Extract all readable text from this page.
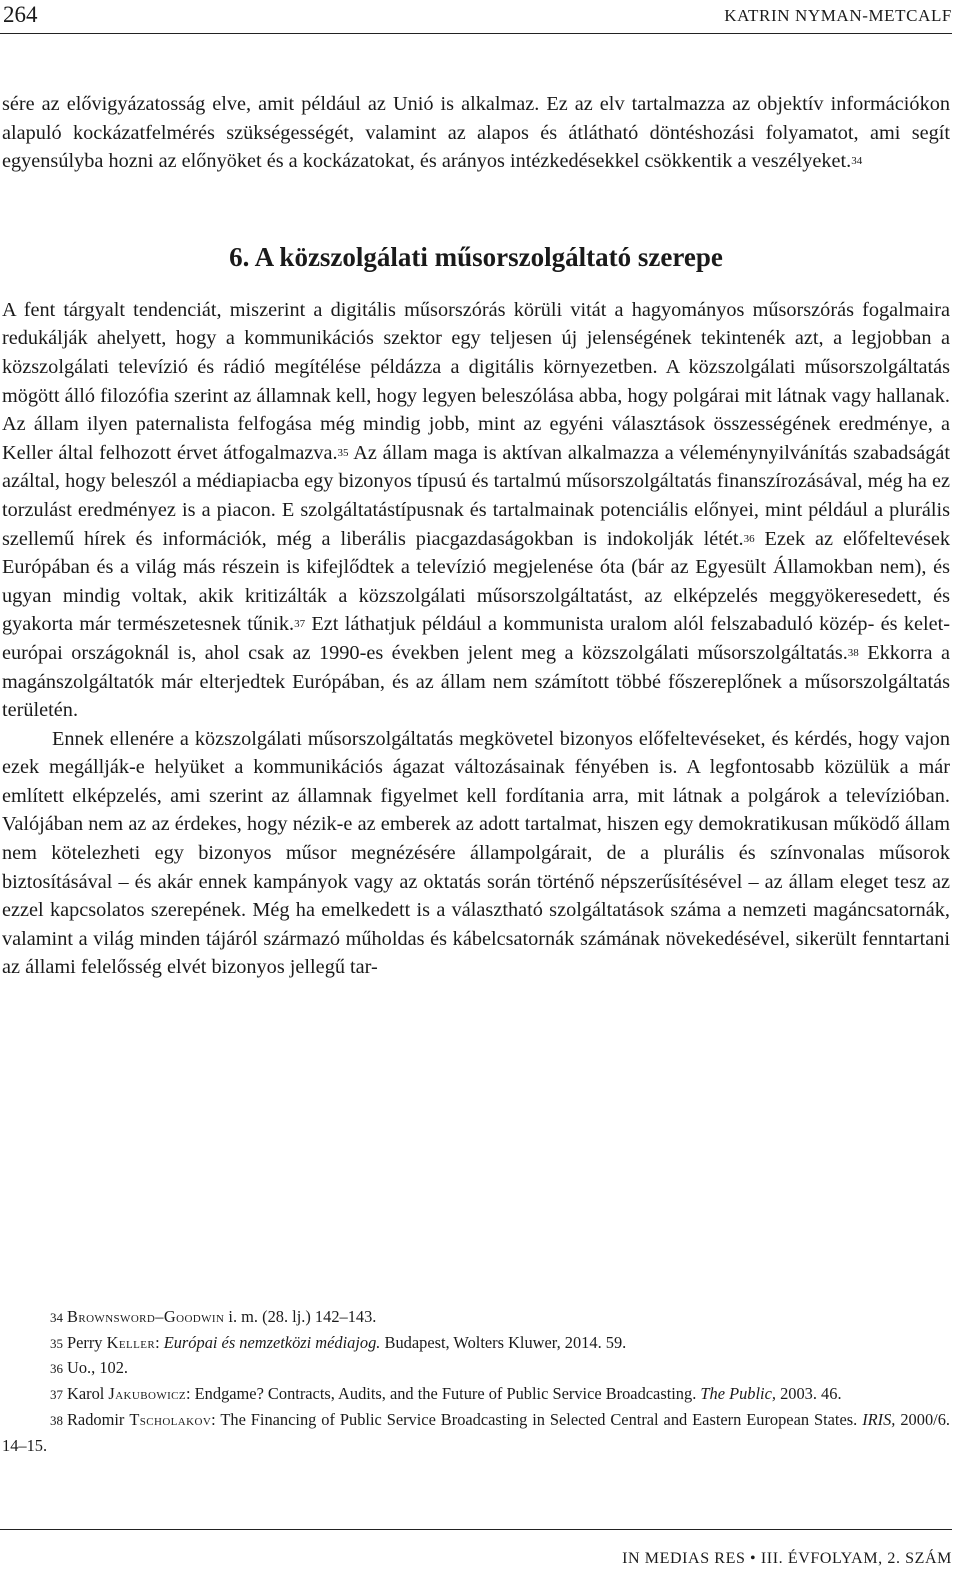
264	KATRIN NYMAN-METCALF

sére az elővigyázatosság elve, amit például az Unió is alkalmaz. Ez az elv tartalmazza az objektív információkon alapuló kockázatfelmérés szükségességét, valamint az alapos és átlátható döntéshozási folyamatot, ami segít egyensúlyba hozni az előnyöket és a kockázatokat, és arányos intézkedésekkel csökkentik a veszélyeket.$^{34}$

6. A közszolgálati műsorszolgáltató szerepe

A fent tárgyalt tendenciát, miszerint a digitális műsorszórás körüli vitát a hagyományos műsorszórás fogalmaira redukálják ahelyett, hogy a kommunikációs szektor egy teljesen új jelenségének tekintenék azt, a legjobban a közszolgálati televízió és rádió megítélése példázza a digitális környezetben. A közszolgálati műsorszolgáltatás mögött álló filozófia szerint az államnak kell, hogy legyen beleszólása abba, hogy polgárai mit látnak vagy hallanak. Az állam ilyen paternalista felfogása még mindig jobb, mint az egyéni választások összességének eredménye, a Keller által felhozott érvet átfogalmazva.$^{35}$ Az állam maga is aktívan alkalmazza a véleménynyilvánítás szabadságát azáltal, hogy beleszól a médiapiacba egy bizonyos típusú és tartalmú műsorszolgáltatás finanszírozásával, még ha ez torzulást eredményez is a piacon. E szolgáltatástípusnak és tartalmainak potenciális előnyei, mint például a plurális szellemű hírek és információk, még a liberális piacgazdaságokban is indokolják létét.$^{36}$ Ezek az előfeltevések Európában és a világ más részein is kifejlődtek a televízió megjelenése óta (bár az Egyesült Államokban nem), és ugyan mindig voltak, akik kritizálták a közszolgálati műsorszolgáltatást, az elképzelés meggyökeresedett, és gyakorta már természetesnek tűnik.$^{37}$ Ezt láthatjuk például a kommunista uralom alól felszabaduló közép- és kelet-európai országoknál is, ahol csak az 1990-es években jelent meg a közszolgálati műsorszolgáltatás.$^{38}$ Ekkorra a magánszolgáltatók már elterjedtek Európában, és az állam nem számított többé főszereplőnek a műsorszolgáltatás területén.

Ennek ellenére a közszolgálati műsorszolgáltatás megkövetel bizonyos előfeltevéseket, és kérdés, hogy vajon ezek megállják-e helyüket a kommunikációs ágazat változásainak fényében is. A legfontosabb közülük a már említett elképzelés, ami szerint az államnak figyelmet kell fordítania arra, mit látnak a polgárok a televízióban. Valójában nem az az érdekes, hogy nézik-e az emberek az adott tartalmat, hiszen egy demokratikusan működő állam nem kötelezheti egy bizonyos műsor megnézésére állampolgárait, de a plurális és színvonalas műsorok biztosításával – és akár ennek kampányok vagy az oktatás során történő népszerűsítésével – az állam eleget tesz az ezzel kapcsolatos szerepének. Még ha emelkedett is a választható szolgáltatások száma a nemzeti magáncsatornák, valamint a világ minden tájáról származó műholdas és kábelcsatornák számának növekedésével, sikerült fenntartani az állami felelősség elvét bizonyos jellegű tar-

34 Brownsword–Goodwin i. m. (28. lj.) 142–143.

35 Perry Keller: Európai és nemzetközi médiajog. Budapest, Wolters Kluwer, 2014. 59.

36 Uo., 102.

37 Karol Jakubowicz: Endgame? Contracts, Audits, and the Future of Public Service Broadcasting. The Public, 2003. 46.

38 Radomir Tscholakov: The Financing of Public Service Broadcasting in Selected Central and Eastern European States. IRIS, 2000/6. 14–15.

IN MEDIAS RES • III. ÉVFOLYAM, 2. SZÁM
